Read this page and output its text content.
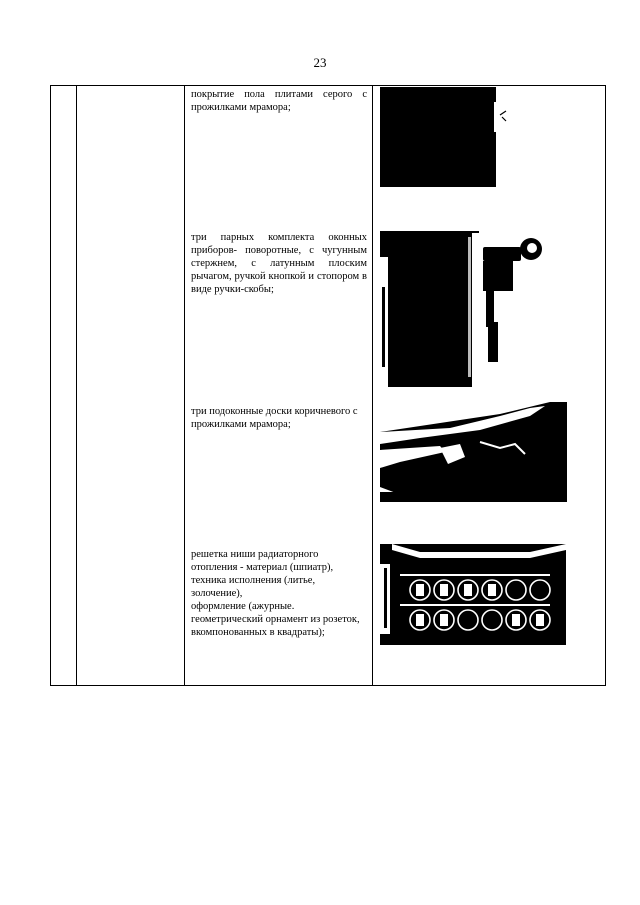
23
покрытие пола плитами серого с прожилками мрамора;
три парных комплекта оконных приборов- поворотные, с чугунным стержнем, с латунным плоским рычагом, ручкой кнопкой и стопором в виде ручки-скобы;
три подоконные доски коричневого с прожилками мрамора;
решетка ниши радиаторного отопления - материал (шпиатр), техника исполнения (литье, золочение),
оформление (ажурные. геометрический орнамент из розеток, вкомпонованных в квадраты);
